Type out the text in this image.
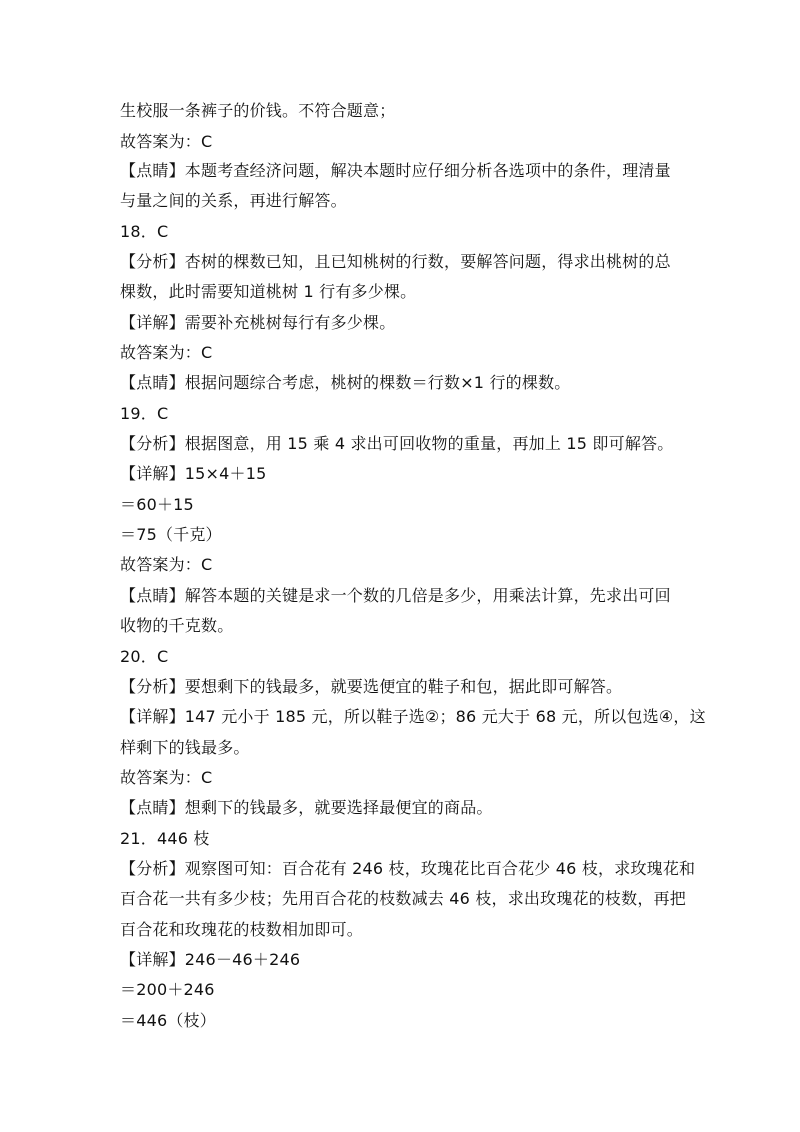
生校服一条裤子的价钱。不符合题意；
故答案为：C
【点睛】本题考查经济问题，解决本题时应仔细分析各选项中的条件，理清量
与量之间的关系，再进行解答。
18．C
【分析】杏树的棵数已知，且已知桃树的行数，要解答问题，得求出桃树的总
棵数，此时需要知道桃树 1 行有多少棵。
【详解】需要补充桃树每行有多少棵。
故答案为：C
【点睛】根据问题综合考虑，桃树的棵数＝行数×1 行的棵数。
19．C
【分析】根据图意，用 15 乘 4 求出可回收物的重量，再加上 15 即可解答。
【详解】15×4＋15
＝60＋15
＝75（千克）
故答案为：C
【点睛】解答本题的关键是求一个数的几倍是多少，用乘法计算，先求出可回
收物的千克数。
20．C
【分析】要想剩下的钱最多，就要选便宜的鞋子和包，据此即可解答。
【详解】147 元小于 185 元，所以鞋子选②；86 元大于 68 元，所以包选④，这
样剩下的钱最多。
故答案为：C
【点睛】想剩下的钱最多，就要选择最便宜的商品。
21．446 枝
【分析】观察图可知：百合花有 246 枝，玫瑰花比百合花少 46 枝，求玫瑰花和
百合花一共有多少枝；先用百合花的枝数减去 46 枝，求出玫瑰花的枝数，再把
百合花和玫瑰花的枝数相加即可。
【详解】246－46＋246
＝200＋246
＝446（枝）
